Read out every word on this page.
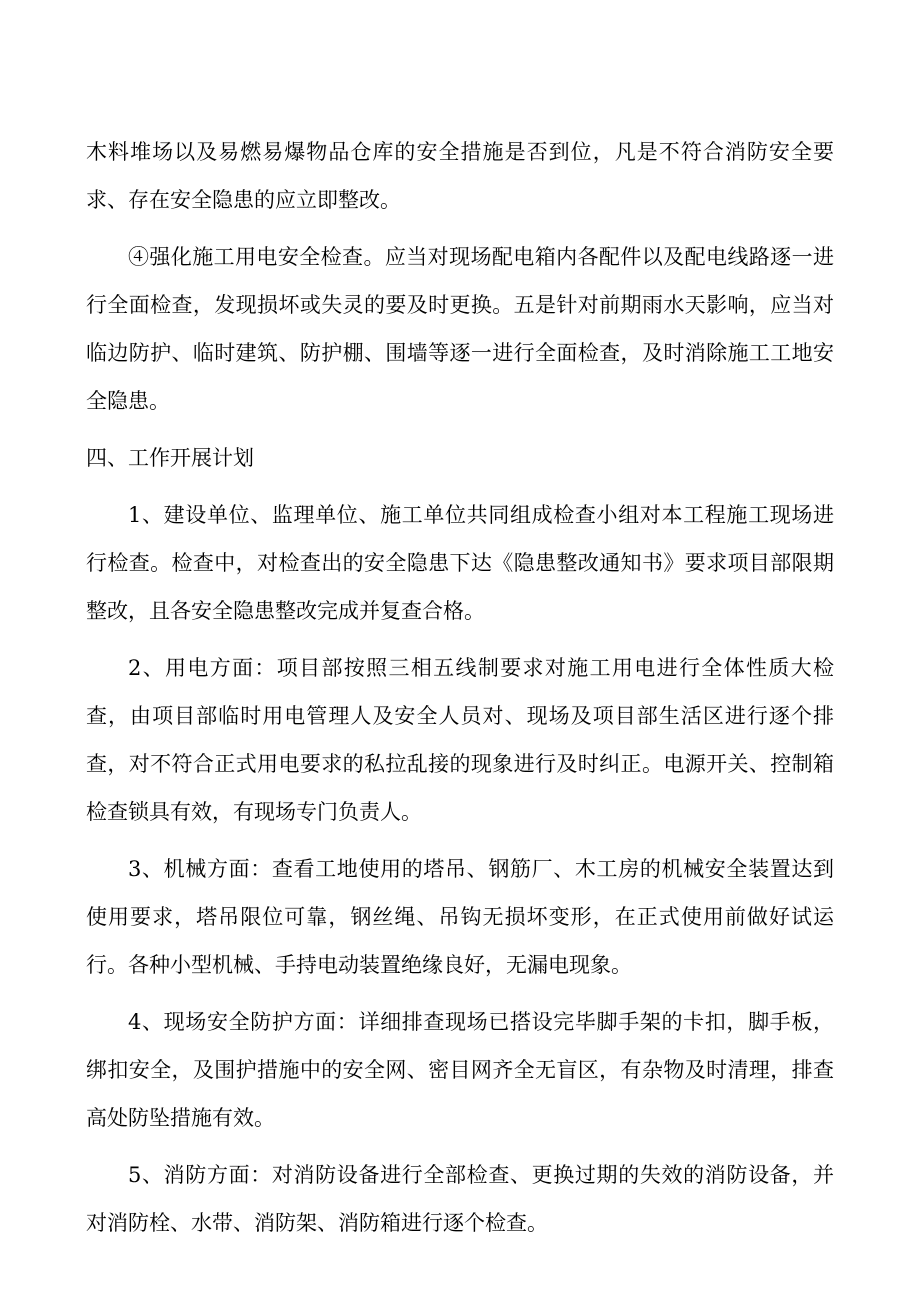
木料堆场以及易燃易爆物品仓库的安全措施是否到位，凡是不符合消防安全要求、存在安全隐患的应立即整改。

④强化施工用电安全检查。应当对现场配电箱内各配件以及配电线路逐一进行全面检查，发现损坏或失灵的要及时更换。五是针对前期雨水天影响，应当对临边防护、临时建筑、防护棚、围墙等逐一进行全面检查，及时消除施工工地安全隐患。

四、工作开展计划

1、建设单位、监理单位、施工单位共同组成检查小组对本工程施工现场进行检查。检查中，对检查出的安全隐患下达《隐患整改通知书》要求项目部限期整改，且各安全隐患整改完成并复查合格。

2、用电方面：项目部按照三相五线制要求对施工用电进行全体性质大检查，由项目部临时用电管理人及安全人员对、现场及项目部生活区进行逐个排查，对不符合正式用电要求的私拉乱接的现象进行及时纠正。电源开关、控制箱检查锁具有效，有现场专门负责人。

3、机械方面：查看工地使用的塔吊、钢筋厂、木工房的机械安全装置达到使用要求，塔吊限位可靠，钢丝绳、吊钩无损坏变形，在正式使用前做好试运行。各种小型机械、手持电动装置绝缘良好，无漏电现象。

4、现场安全防护方面：详细排查现场已搭设完毕脚手架的卡扣，脚手板，绑扣安全，及围护措施中的安全网、密目网齐全无盲区，有杂物及时清理，排查高处防坠措施有效。

5、消防方面：对消防设备进行全部检查、更换过期的失效的消防设备，并对消防栓、水带、消防架、消防箱进行逐个检查。
